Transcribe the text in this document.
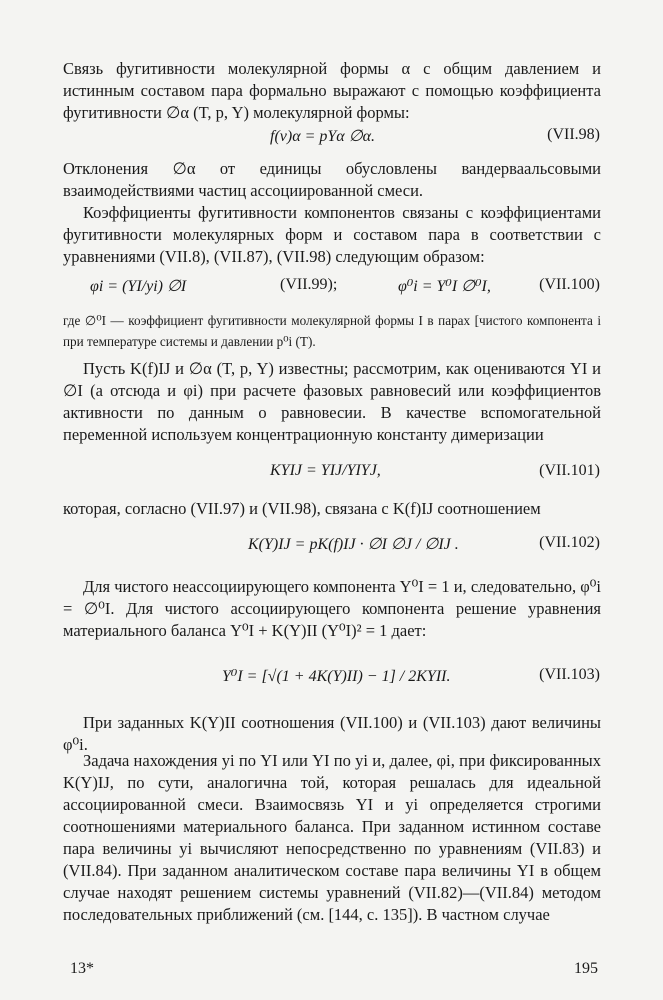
Связь фугитивности молекулярной формы α с общим давлением и истинным составом пара формально выражают с помощью коэффициента фугитивности ∅α (T, p, Y) молекулярной формы:

f(v)α = pYα ∅α.	(VII.98)

Отклонения ∅α от единицы обусловлены вандерваальсовыми взаимодействиями частиц ассоциированной смеси.

Коэффициенты фугитивности компонентов связаны с коэффициентами фугитивности молекулярных форм и составом пара в соответствии с уравнениями (VII.8), (VII.87), (VII.98) следующим образом:

φi = (YI/yi) ∅I	(VII.99);	φ⁰i = Y⁰I ∅⁰I,	(VII.100)

где ∅⁰I — коэффициент фугитивности молекулярной формы I в парах [чистого компонента i при температуре системы и давлении p⁰i (T).

Пусть K(f)IJ и ∅α (T, p, Y) известны; рассмотрим, как оцениваются YI и ∅I (а отсюда и φi) при расчете фазовых равновесий или коэффициентов активности по данным о равновесии. В качестве вспомогательной переменной используем концентрационную константу димеризации

KYIJ = YIJ/YIYJ,	(VII.101)

которая, согласно (VII.97) и (VII.98), связана с K(f)IJ соотношением

K(Y)IJ = pK(f)IJ · ∅I ∅J / ∅IJ .	(VII.102)

Для чистого неассоциирующего компонента Y⁰I = 1 и, следовательно, φ⁰i = ∅⁰I. Для чистого ассоциирующего компонента решение уравнения материального баланса Y⁰I + K(Y)II (Y⁰I)² = 1 дает:

Y⁰I = [√(1 + 4K(Y)II) − 1] / 2KYII.	(VII.103)

При заданных K(Y)II соотношения (VII.100) и (VII.103) дают величины φ⁰i.

Задача нахождения yi по YI или YI по yi и, далее, φi, при фиксированных K(Y)IJ, по сути, аналогична той, которая решалась для идеальной ассоциированной смеси. Взаимосвязь YI и yi определяется строгими соотношениями материального баланса. При заданном истинном составе пара величины yi вычисляют непосредственно по уравнениям (VII.83) и (VII.84). При заданном аналитическом составе пара величины YI в общем случае находят решением системы уравнений (VII.82)—(VII.84) методом последовательных приближений (см. [144, с. 135]). В частном случае

13*	195
